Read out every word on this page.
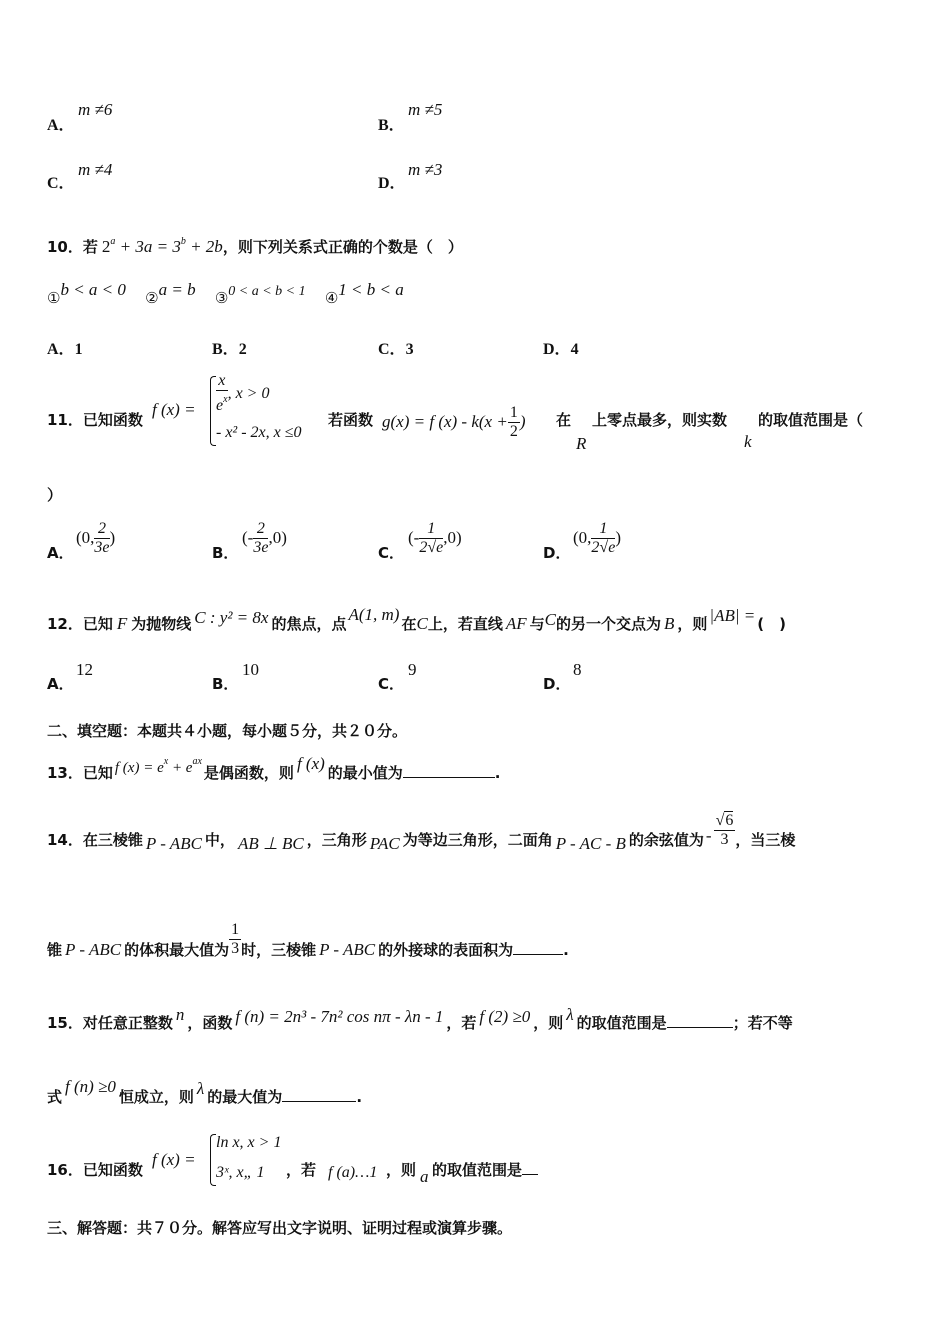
A．
m ≠6
B．
m ≠5
C．
m ≠4
D．
m ≠3
10．若 $2^a + 3a = 3^b + 2b$，则下列关系式正确的个数是（　）
①b < a < 0 ②a = b ③0 < a < b < 1 ④1 < b < a
A．1	B．2	C．3	D．4
11．已知函数
f $(x) = \frac{x}{e^x}$ , x > 0
- x² - 2x, x ≤0
若函数 g(x) = f $(x) - k(x + \frac{1}{2}$ ) 在
R
上零点最多，则实数
k
的取值范围是（
）
A．
(0, $\frac{2}{3e}$ )
B．
(- $\frac{2}{3e} ,0$)
C．
(- $\frac{1}{2√e} ,0$)
D．
(0, $\frac{1}{2√e}$ )
12．已知 F 为抛物线 C : y² = 8x 的焦点，点 A(1, m) 在C上，若直线 AF 与C的另一个交点为 B ，则 |AB| = (　)
A．
12
B．
10
C．
9
D．
8
二、填空题：本题共４小题，每小题５分，共２０分。
13．已知 f $(x) = e^x + e^{ax}$是偶函数，则 f (x) 的最小值为	.
14．在三棱锥 P - ABC 中， AB ⊥ BC ，三角形 PAC 为等边三角形，二面角 P - AC - B 的余弦值为 - $\frac{√6}{3}$ ，当三棱
锥 P - ABC 的体积最大值为 $\frac{1}{3}$ 时，三棱锥 P - ABC 的外接球的表面积为	.
15．对任意正整数 n ，函数 f (n) = 2n³ - 7n² cos nπ - λn - 1 ，若 f (2) ≥0 ，则 λ 的取值范围是	；若不等
式f (n) ≥0恒成立，则 λ 的最大值为	.
16．已知函数
f (x) =
ln x, x > 1
3ˣ, x„ 1 ，若 f (a)…1 ，则 a 的取值范围是
三、解答题：共７０分。解答应写出文字说明、证明过程或演算步骤。
